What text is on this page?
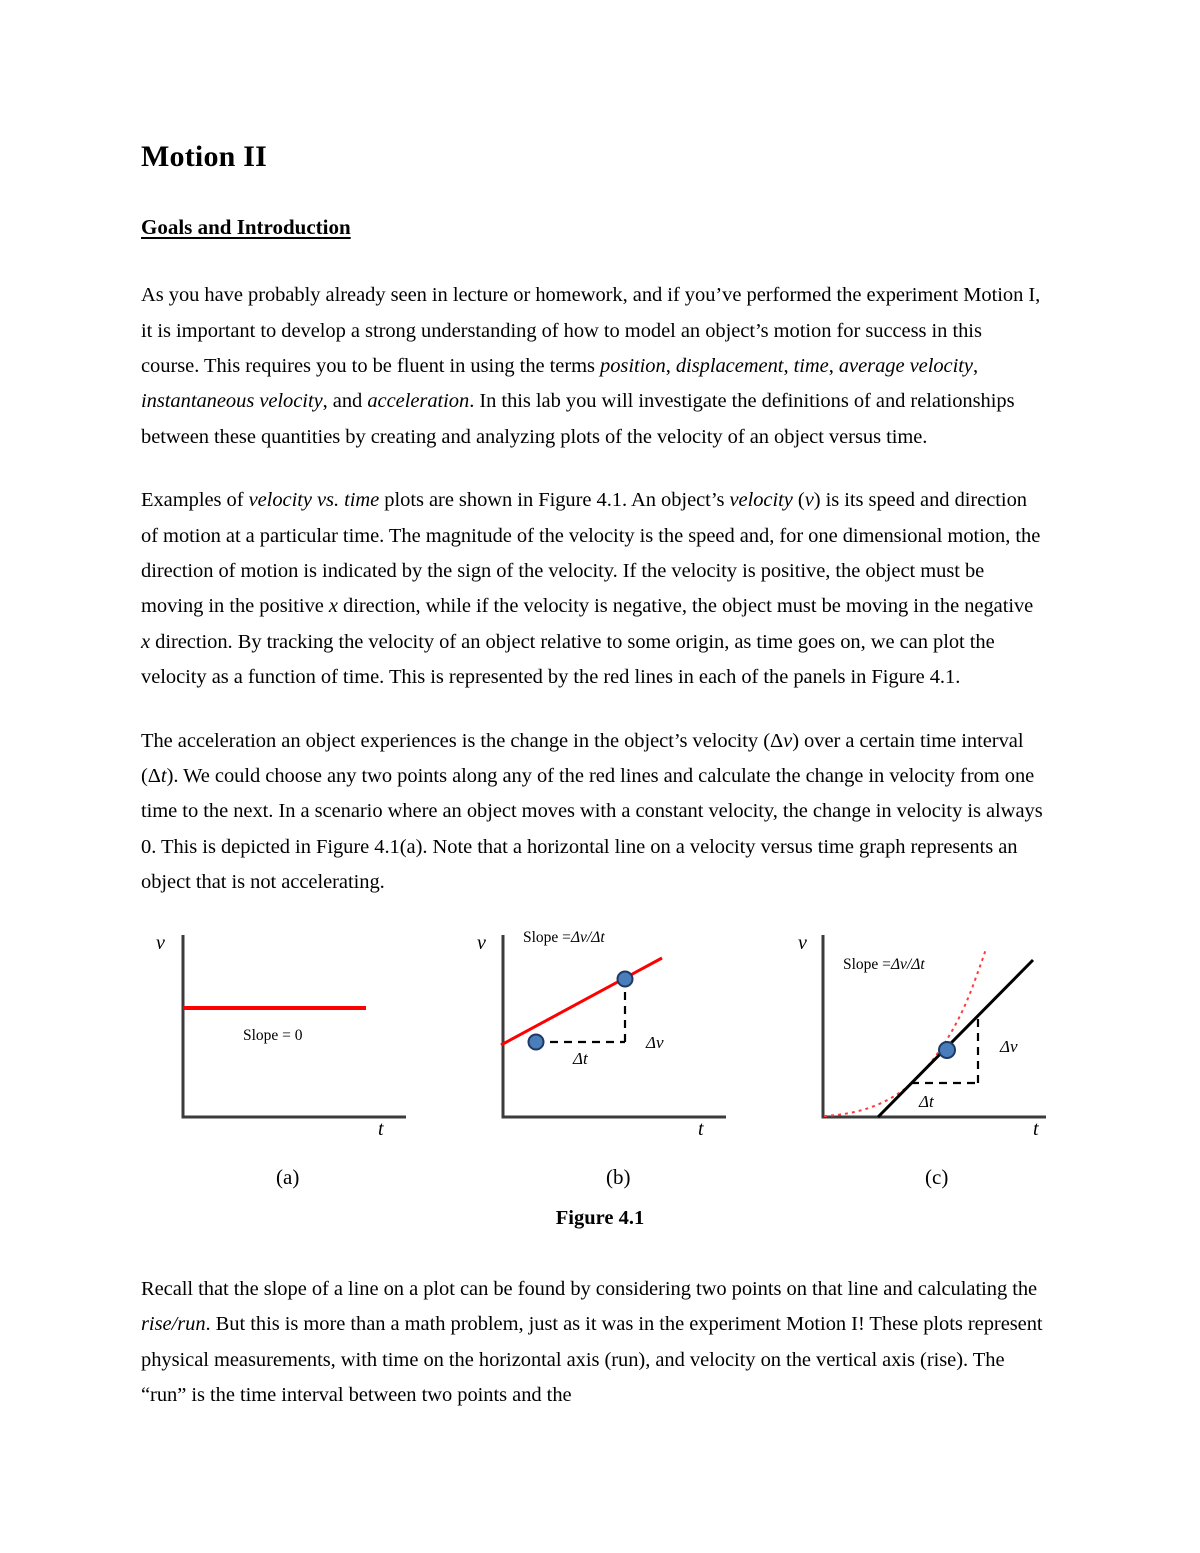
Motion II
Goals and Introduction

As you have probably already seen in lecture or homework, and if you’ve performed the experiment Motion I, it is important to develop a strong understanding of how to model an object’s motion for success in this course. This requires you to be fluent in using the terms position, displacement, time, average velocity, instantaneous velocity, and acceleration. In this lab you will investigate the definitions of and relationships between these quantities by creating and analyzing plots of the velocity of an object versus time.

Examples of velocity vs. time plots are shown in Figure 4.1. An object’s velocity (v) is its speed and direction of motion at a particular time. The magnitude of the velocity is the speed and, for one dimensional motion, the direction of motion is indicated by the sign of the velocity. If the velocity is positive, the object must be moving in the positive x direction, while if the velocity is negative, the object must be moving in the negative x direction. By tracking the velocity of an object relative to some origin, as time goes on, we can plot the velocity as a function of time. This is represented by the red lines in each of the panels in Figure 4.1.

The acceleration an object experiences is the change in the object’s velocity (Δv) over a certain time interval (Δt). We could choose any two points along any of the red lines and calculate the change in velocity from one time to the next. In a scenario where an object moves with a constant velocity, the change in velocity is always 0. This is depicted in Figure 4.1(a). Note that a horizontal line on a velocity versus time graph represents an object that is not accelerating.

v
t
Slope = 0
(a)
v
t
Slope =Δv/Δt
Δv
Δt
(b)
v
t
Slope =Δv/Δt
Δv
Δt
(c)
Figure 4.1

Recall that the slope of a line on a plot can be found by considering two points on that line and calculating the rise/run. But this is more than a math problem, just as it was in the experiment Motion I! These plots represent physical measurements, with time on the horizontal axis (run), and velocity on the vertical axis (rise). The “run” is the time interval between two points and the
